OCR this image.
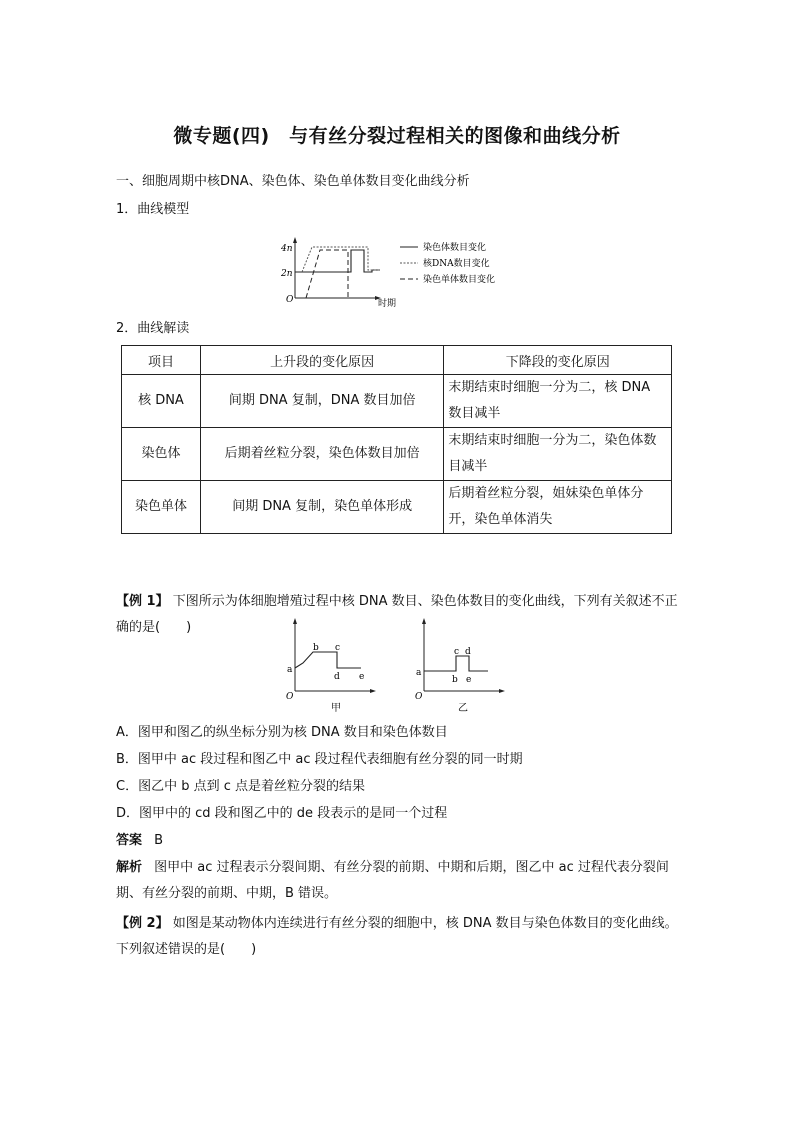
微专题(四)　与有丝分裂过程相关的图像和曲线分析
一、细胞周期中核DNA、染色体、染色单体数目变化曲线分析
1．曲线模型
4n
2n
O	时期
染色体数目变化
核DNA数目变化
染色单体数目变化
2．曲线解读
项目	上升段的变化原因	下降段的变化原因
核 DNA	间期 DNA 复制，DNA 数目加倍	末期结束时细胞一分为二，核 DNA 数目减半
染色体	后期着丝粒分裂，染色体数目加倍	末期结束时细胞一分为二，染色体数目减半
染色单体	间期 DNA 复制，染色单体形成	后期着丝粒分裂，姐妹染色单体分开，染色单体消失
【例 1】 下图所示为体细胞增殖过程中核 DNA 数目、染色体数目的变化曲线，下列有关叙述不正确的是(　　)
a
b c
d e
O
甲
a
b
c d
e
O
乙
A．图甲和图乙的纵坐标分别为核 DNA 数目和染色体数目
B．图甲中 ac 段过程和图乙中 ac 段过程代表细胞有丝分裂的同一时期
C．图乙中 b 点到 c 点是着丝粒分裂的结果
D．图甲中的 cd 段和图乙中的 de 段表示的是同一个过程
答案 B
解析 图甲中 ac 过程表示分裂间期、有丝分裂的前期、中期和后期，图乙中 ac 过程代表分裂间期、有丝分裂的前期、中期，B 错误。
【例 2】 如图是某动物体内连续进行有丝分裂的细胞中，核 DNA 数目与染色体数目的变化曲线。下列叙述错误的是(　　)
